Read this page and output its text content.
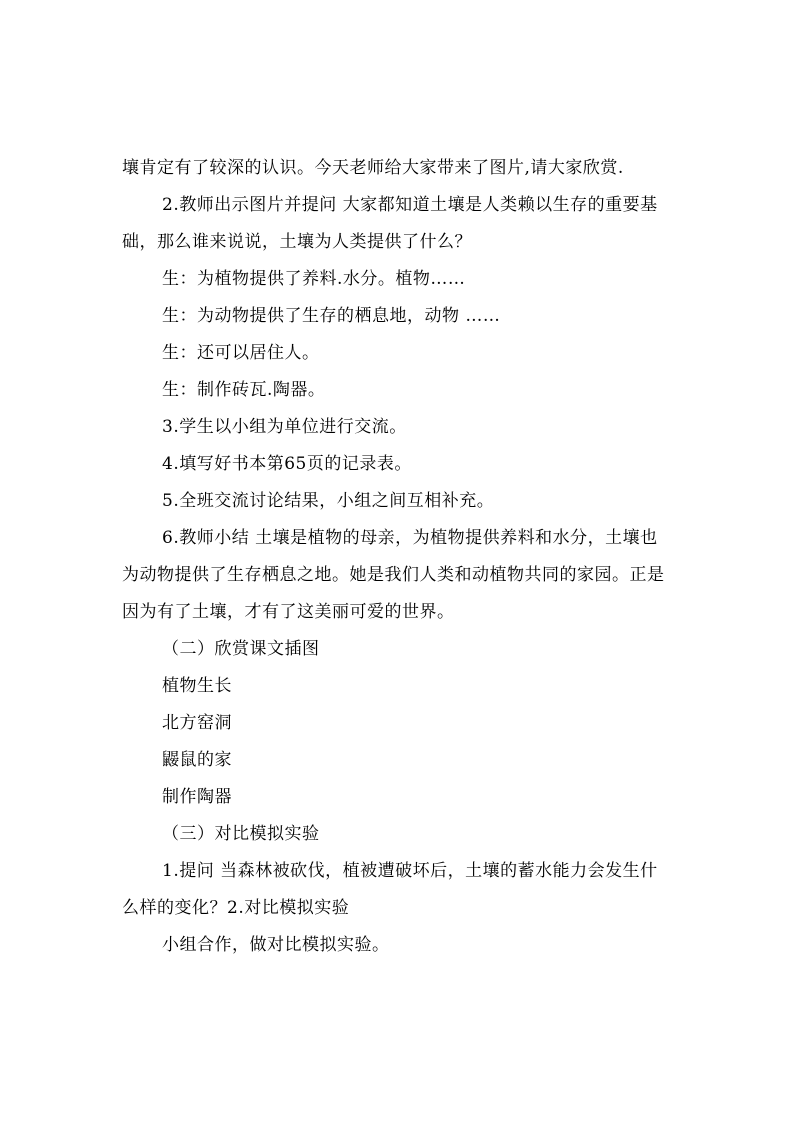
壤肯定有了较深的认识。今天老师给大家带来了图片,请大家欣赏.

2.教师出示图片并提问 大家都知道土壤是人类赖以生存的重要基

础，那么谁来说说，土壤为人类提供了什么？

生：为植物提供了养料.水分。植物……

生：为动物提供了生存的栖息地，动物 ……

生：还可以居住人。

生：制作砖瓦.陶器。

3.学生以小组为单位进行交流。

4.填写好书本第65页的记录表。

5.全班交流讨论结果，小组之间互相补充。

6.教师小结 土壤是植物的母亲，为植物提供养料和水分，土壤也

为动物提供了生存栖息之地。她是我们人类和动植物共同的家园。正是

因为有了土壤，才有了这美丽可爱的世界。

（二）欣赏课文插图

植物生长

北方窑洞

鼹鼠的家

制作陶器

（三）对比模拟实验

1.提问 当森林被砍伐，植被遭破坏后，土壤的蓄水能力会发生什

么样的变化？2.对比模拟实验

小组合作，做对比模拟实验。
